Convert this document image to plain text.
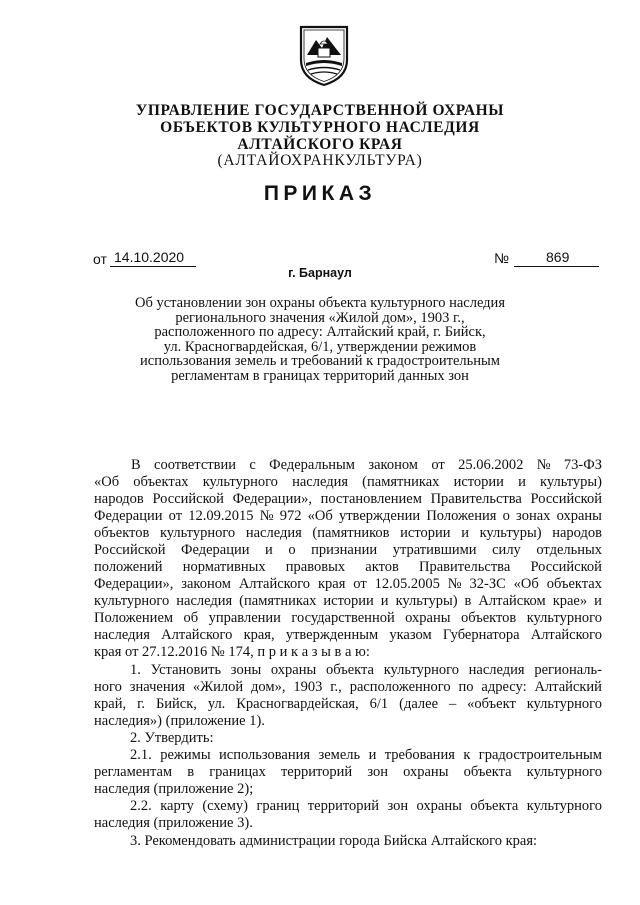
УПРАВЛЕНИЕ ГОСУДАРСТВЕННОЙ ОХРАНЫ
ОБЪЕКТОВ КУЛЬТУРНОГО НАСЛЕДИЯ
АЛТАЙСКОГО КРАЯ
(АЛТАЙОХРАНКУЛЬТУРА)
ПРИКАЗ
от 14.10.2020	№	869
г. Барнаул
Об установлении зон охраны объекта культурного наследия
регионального значения «Жилой дом», 1903 г.,
расположенного по адресу: Алтайский край, г. Бийск,
ул. Красногвардейская, 6/1, утверждении режимов
использования земель и требований к градостроительным
регламентам в границах территорий данных зон
В соответствии с Федеральным законом от 25.06.2002 № 73-ФЗ
«Об объектах культурного наследия (памятниках истории и культуры)
народов Российской Федерации», постановлением Правительства Российской
Федерации от 12.09.2015 № 972 «Об утверждении Положения о зонах охраны
объектов культурного наследия (памятников истории и культуры) народов
Российской Федерации и о признании утратившими силу отдельных
положений нормативных правовых актов Правительства Российской
Федерации», законом Алтайского края от 12.05.2005 № 32-ЗС «Об объектах
культурного наследия (памятниках истории и культуры) в Алтайском крае» и
Положением об управлении государственной охраны объектов культурного
наследия Алтайского края, утвержденным указом Губернатора Алтайского
края от 27.12.2016 № 174, п р и к а з ы в а ю:
1. Установить зоны охраны объекта культурного наследия региональ-
ного значения «Жилой дом», 1903 г., расположенного по адресу: Алтайский
край, г. Бийск, ул. Красногвардейская, 6/1 (далее – «объект культурного
наследия») (приложение 1).
2. Утвердить:
2.1. режимы использования земель и требования к градостроительным
регламентам в границах территорий зон охраны объекта культурного
наследия (приложение 2);
2.2. карту (схему) границ территорий зон охраны объекта культурного
наследия (приложение 3).
3. Рекомендовать администрации города Бийска Алтайского края:
